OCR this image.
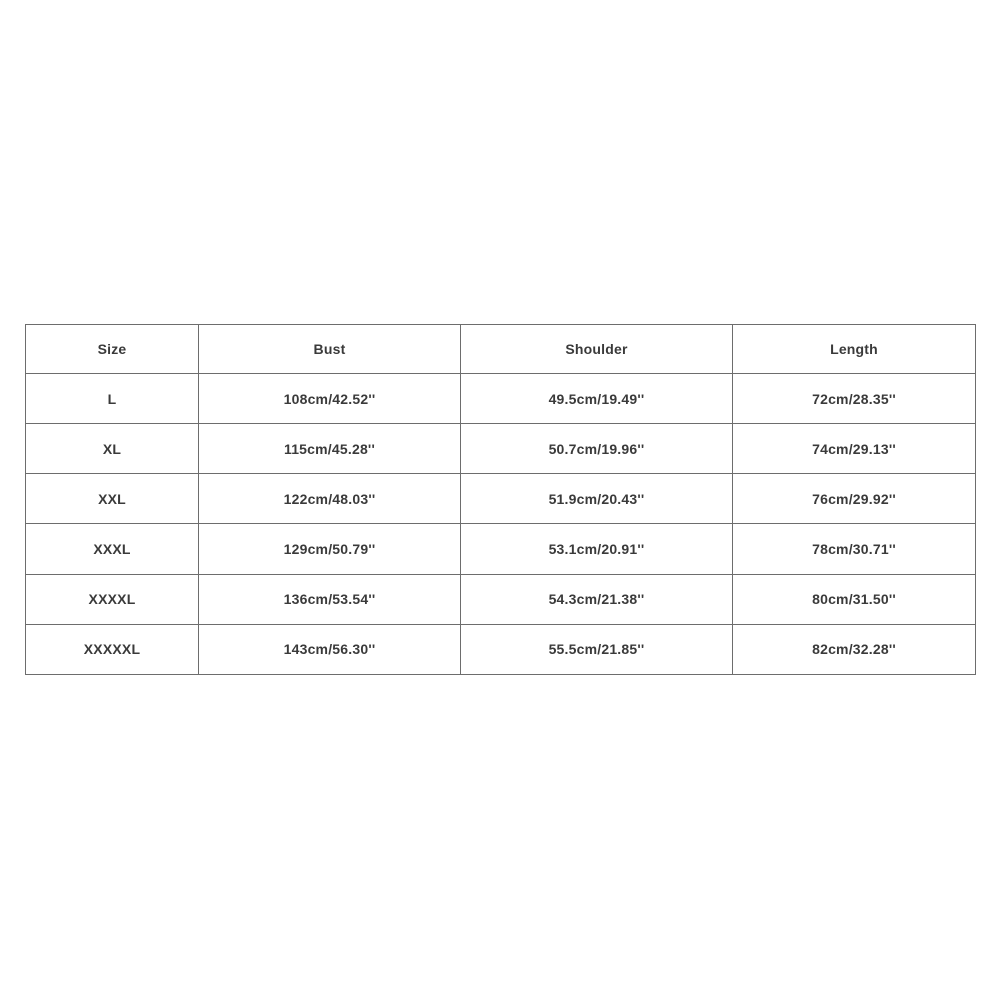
Size	Bust	Shoulder	Length
L	108cm/42.52''	49.5cm/19.49''	72cm/28.35''
XL	115cm/45.28''	50.7cm/19.96''	74cm/29.13''
XXL	122cm/48.03''	51.9cm/20.43''	76cm/29.92''
XXXL	129cm/50.79''	53.1cm/20.91''	78cm/30.71''
XXXXL	136cm/53.54''	54.3cm/21.38''	80cm/31.50''
XXXXXL	143cm/56.30''	55.5cm/21.85''	82cm/32.28''
